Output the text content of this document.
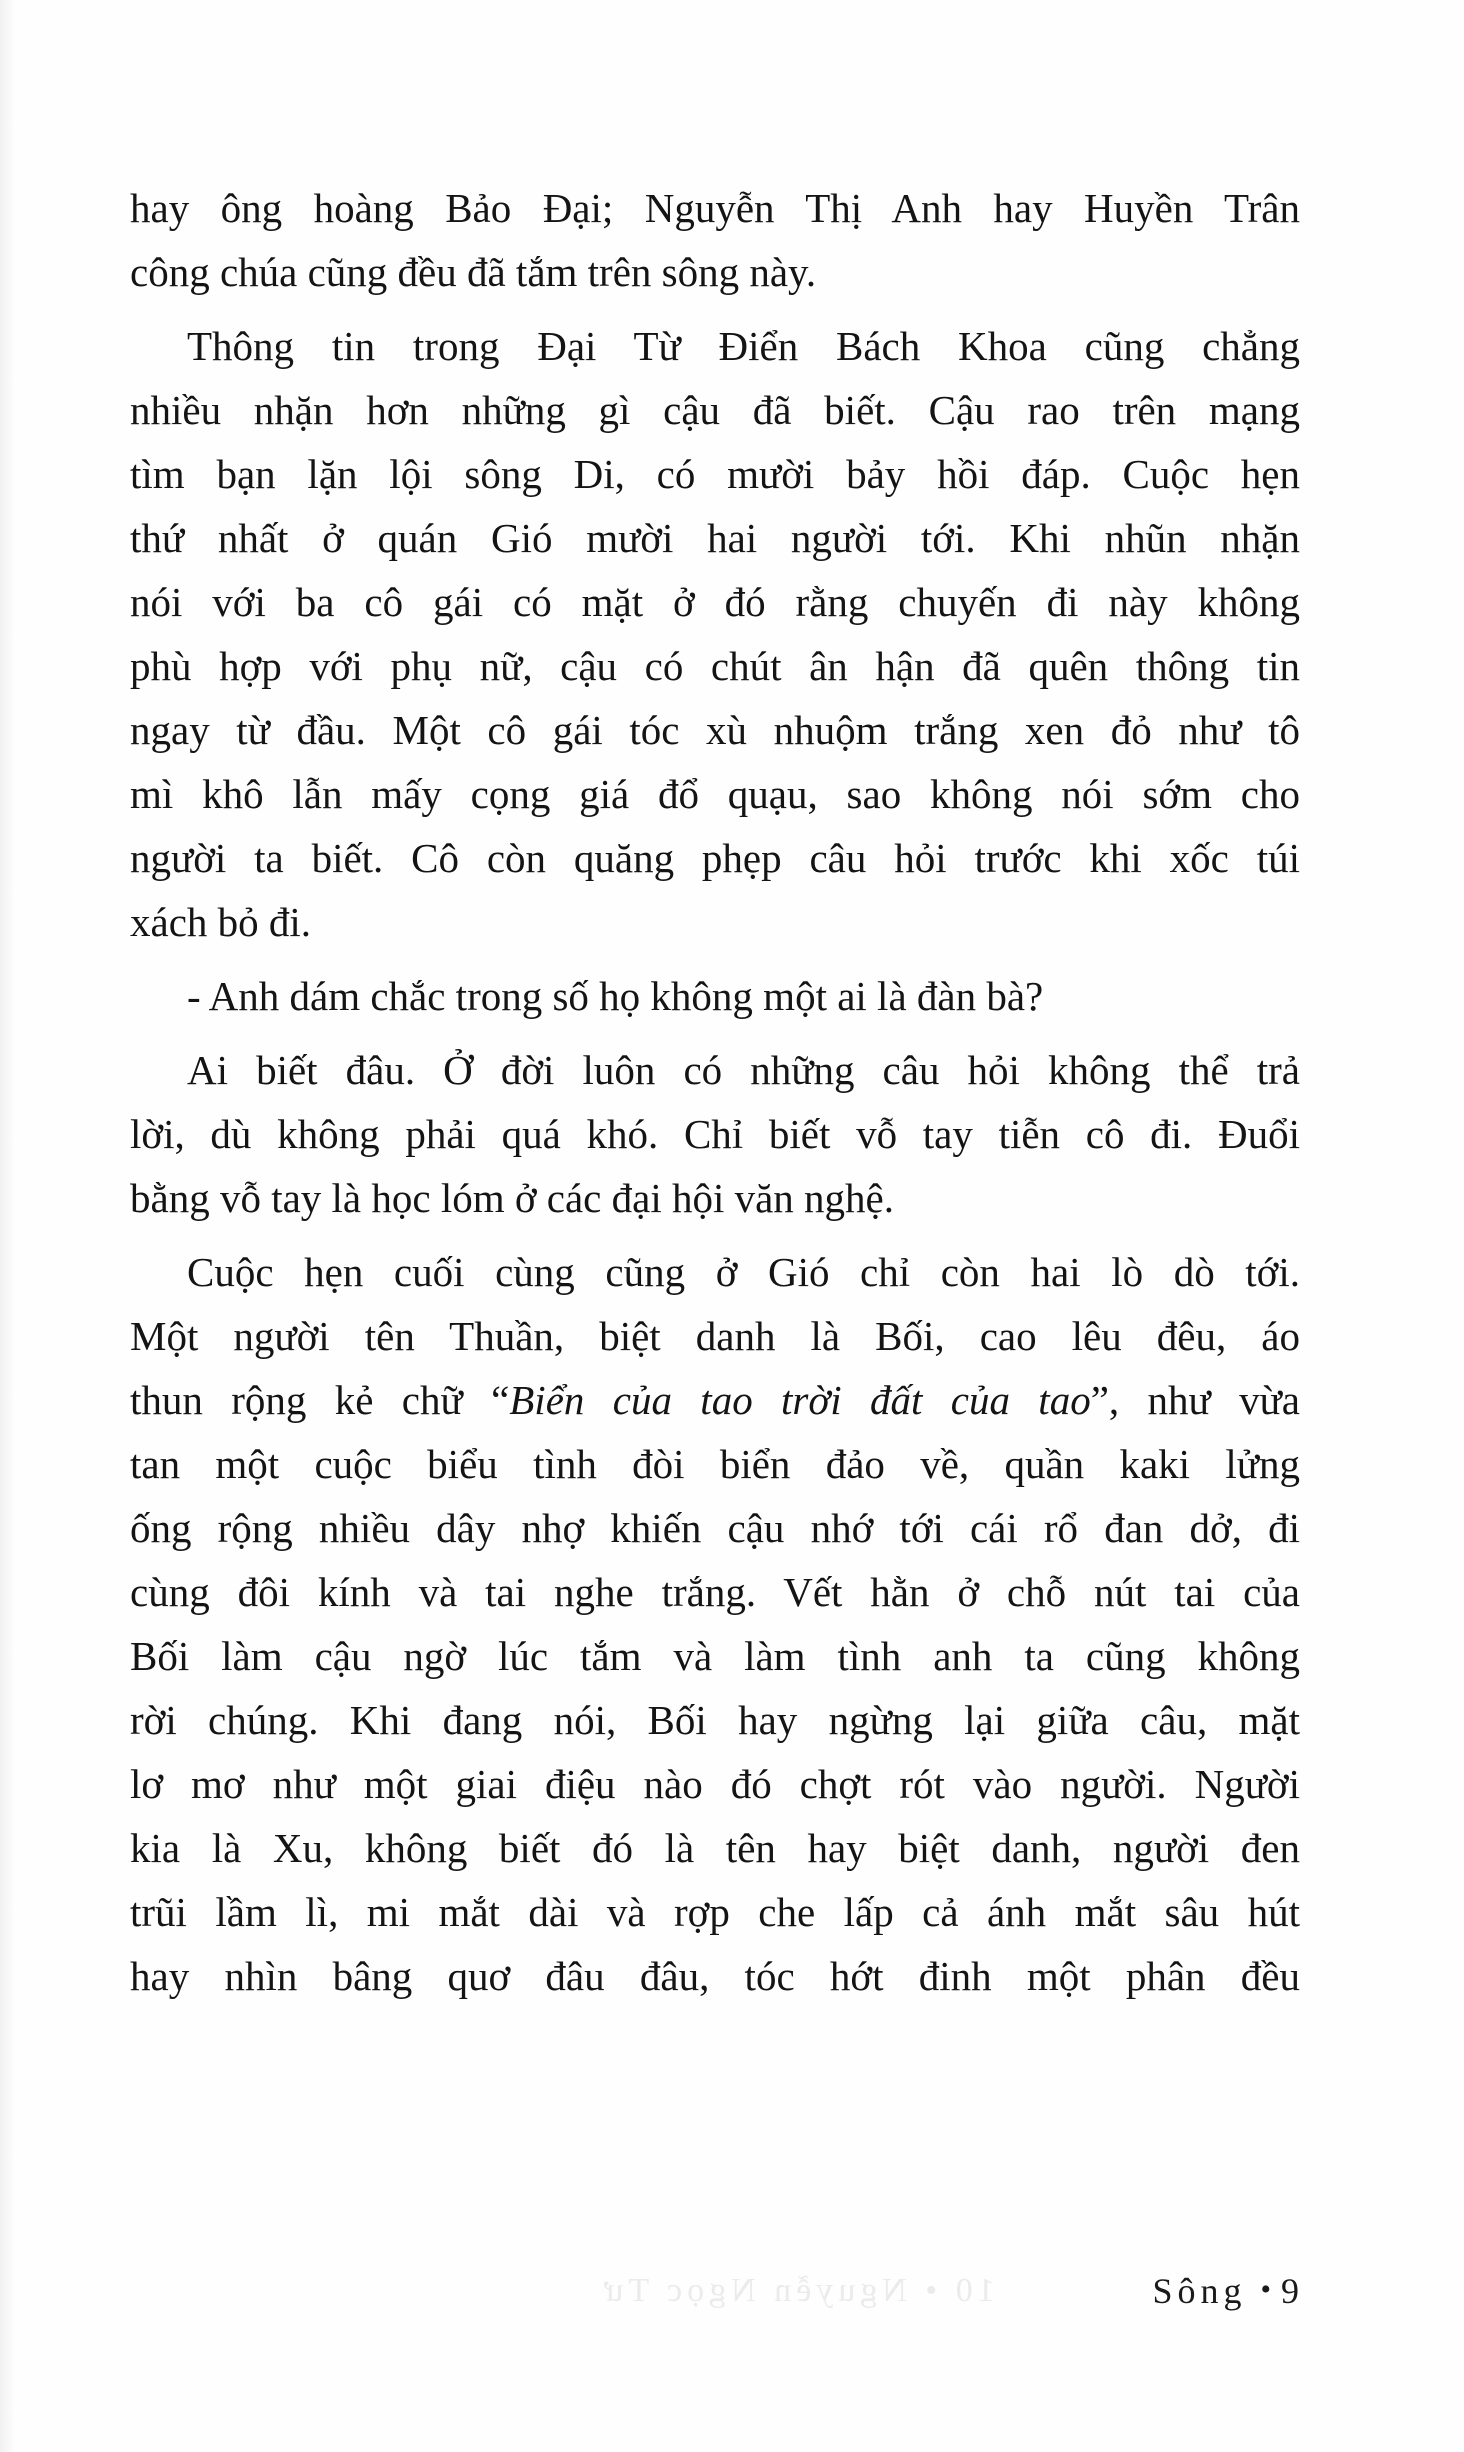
hay ông hoàng Bảo Đại; Nguyễn Thị Anh hay Huyền Trân
công chúa cũng đều đã tắm trên sông này.
Thông tin trong Đại Từ Điển Bách Khoa cũng chẳng
nhiều nhặn hơn những gì cậu đã biết. Cậu rao trên mạng
tìm bạn lặn lội sông Di, có mười bảy hồi đáp. Cuộc hẹn
thứ nhất ở quán Gió mười hai người tới. Khi nhũn nhặn
nói với ba cô gái có mặt ở đó rằng chuyến đi này không
phù hợp với phụ nữ, cậu có chút ân hận đã quên thông tin
ngay từ đầu. Một cô gái tóc xù nhuộm trắng xen đỏ như tô
mì khô lẫn mấy cọng giá đổ quạu, sao không nói sớm cho
người ta biết. Cô còn quăng phẹp câu hỏi trước khi xốc túi
xách bỏ đi.
- Anh dám chắc trong số họ không một ai là đàn bà?
Ai biết đâu. Ở đời luôn có những câu hỏi không thể trả
lời, dù không phải quá khó. Chỉ biết vỗ tay tiễn cô đi. Đuổi
bằng vỗ tay là học lóm ở các đại hội văn nghệ.
Cuộc hẹn cuối cùng cũng ở Gió chỉ còn hai lò dò tới.
Một người tên Thuần, biệt danh là Bối, cao lêu đêu, áo
thun rộng kẻ chữ “Biển của tao trời đất của tao”, như vừa
tan một cuộc biểu tình đòi biển đảo về, quần kaki lửng
ống rộng nhiều dây nhợ khiến cậu nhớ tới cái rổ đan dở, đi
cùng đôi kính và tai nghe trắng. Vết hằn ở chỗ nút tai của
Bối làm cậu ngờ lúc tắm và làm tình anh ta cũng không
rời chúng. Khi đang nói, Bối hay ngừng lại giữa câu, mặt
lơ mơ như một giai điệu nào đó chợt rót vào người. Người
kia là Xu, không biết đó là tên hay biệt danh, người đen
trũi lầm lì, mi mắt dài và rợp che lấp cả ánh mắt sâu hút
hay nhìn bâng quơ đâu đâu, tóc hớt đinh một phân đều
10 • Nguyễn Ngọc Tư	Sông • 9
